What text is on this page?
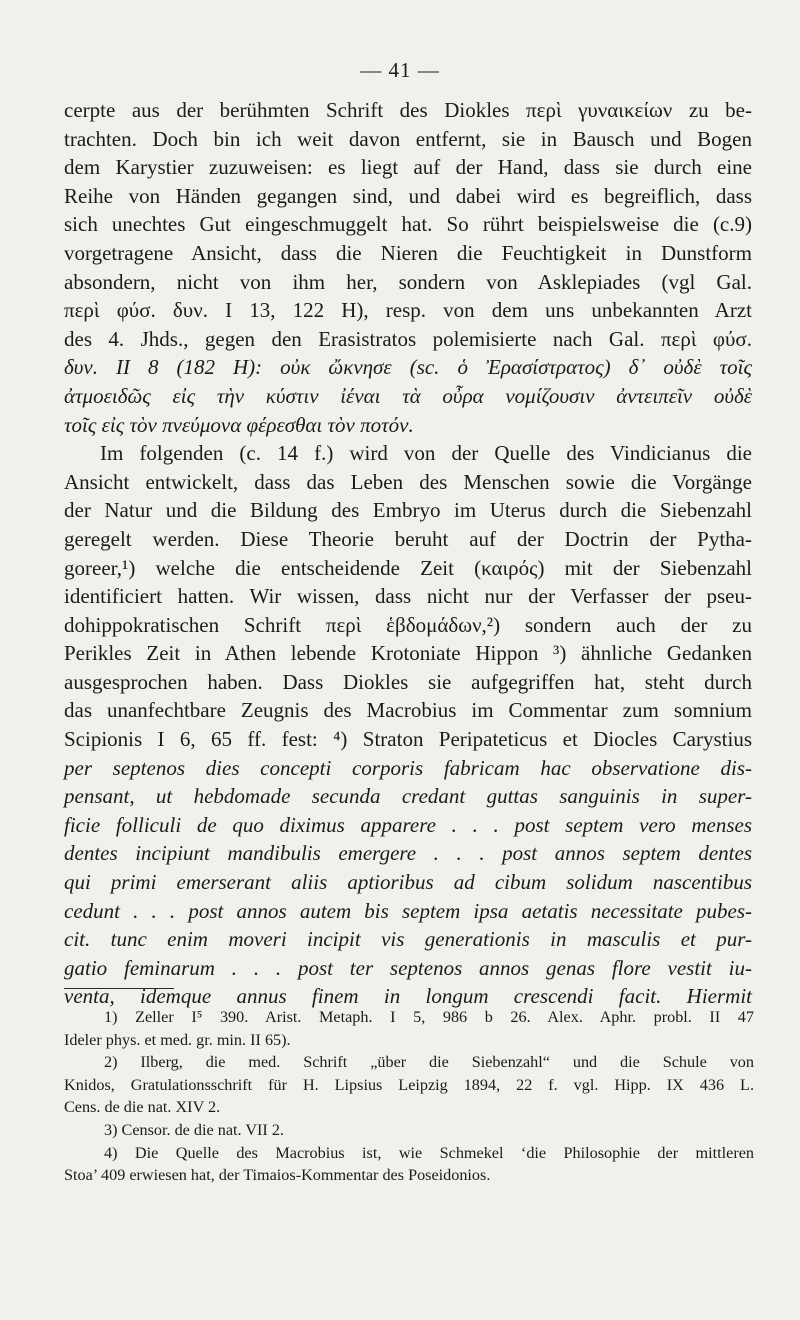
— 41 —
cerpte aus der berühmten Schrift des Diokles περὶ γυναικείων zu be-
trachten. Doch bin ich weit davon entfernt, sie in Bausch und Bogen
dem Karystier zuzuweisen: es liegt auf der Hand, dass sie durch eine
Reihe von Händen gegangen sind, und dabei wird es begreiflich, dass
sich unechtes Gut eingeschmuggelt hat. So rührt beispielsweise die (c.9)
vorgetragene Ansicht, dass die Nieren die Feuchtigkeit in Dunstform
absondern, nicht von ihm her, sondern von Asklepiades (vgl Gal.
περὶ φύσ. δυν. I 13, 122 H), resp. von dem uns unbekannten Arzt
des 4. Jhds., gegen den Erasistratos polemisierte nach Gal. περὶ φύσ.
δυν. II 8 (182 H): οὐκ ὤκνησε (sc. ὁ Ἐρασίστρατος) δ᾽ οὐδὲ τοῖς
ἀτμοειδῶς εἰς τὴν κύστιν ἰέναι τὰ οὖρα νομίζουσιν ἀντειπεῖν οὐδὲ
τοῖς εἰς τὸν πνεύμονα φέρεσθαι τὸν ποτόν.
Im folgenden (c. 14 f.) wird von der Quelle des Vindicianus die
Ansicht entwickelt, dass das Leben des Menschen sowie die Vorgänge
der Natur und die Bildung des Embryo im Uterus durch die Siebenzahl
geregelt werden. Diese Theorie beruht auf der Doctrin der Pytha-
goreer,¹) welche die entscheidende Zeit (καιρός) mit der Siebenzahl
identificiert hatten. Wir wissen, dass nicht nur der Verfasser der pseu-
dohippokratischen Schrift περὶ ἑβδομάδων,²) sondern auch der zu
Perikles Zeit in Athen lebende Krotoniate Hippon ³) ähnliche Gedanken
ausgesprochen haben. Dass Diokles sie aufgegriffen hat, steht durch
das unanfechtbare Zeugnis des Macrobius im Commentar zum somnium
Scipionis I 6, 65 ff. fest: ⁴) Straton Peripateticus et Diocles Carystius
per septenos dies concepti corporis fabricam hac observatione dis-
pensant, ut hebdomade secunda credant guttas sanguinis in super-
ficie folliculi de quo diximus apparere . . . post septem vero menses
dentes incipiunt mandibulis emergere . . . post annos septem dentes
qui primi emerserant aliis aptioribus ad cibum solidum nascentibus
cedunt . . . post annos autem bis septem ipsa aetatis necessitate pubes-
cit. tunc enim moveri incipit vis generationis in masculis et pur-
gatio feminarum . . . post ter septenos annos genas flore vestit iu-
venta, idemque annus finem in longum crescendi facit. Hiermit
1) Zeller I⁵ 390. Arist. Metaph. I 5, 986 b 26. Alex. Aphr. probl. II 47
Ideler phys. et med. gr. min. II 65).
2) Ilberg, die med. Schrift „über die Siebenzahl“ und die Schule von
Knidos, Gratulationsschrift für H. Lipsius Leipzig 1894, 22 f. vgl. Hipp. IX 436 L.
Cens. de die nat. XIV 2.
3) Censor. de die nat. VII 2.
4) Die Quelle des Macrobius ist, wie Schmekel ‘die Philosophie der mittleren
Stoa’ 409 erwiesen hat, der Timaios-Kommentar des Poseidonios.
